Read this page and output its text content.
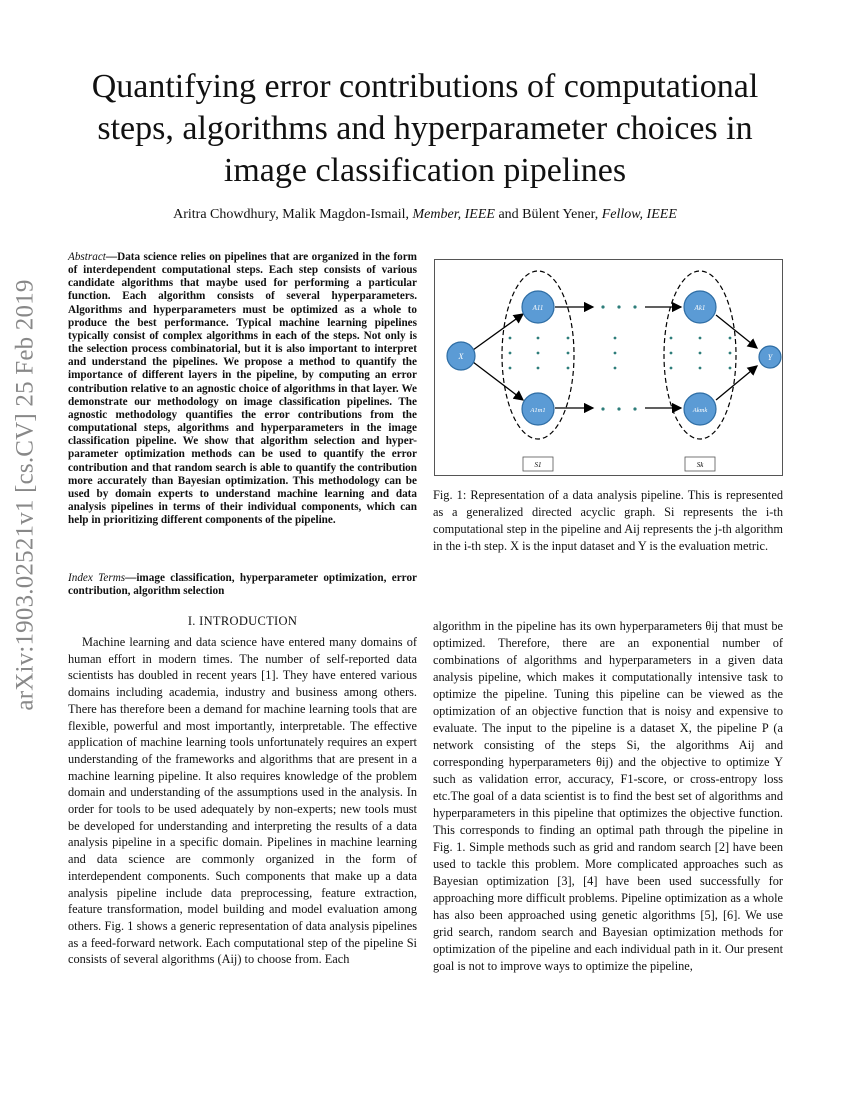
arXiv:1903.02521v1 [cs.CV] 25 Feb 2019
Quantifying error contributions of computational steps, algorithms and hyperparameter choices in image classification pipelines

Aritra Chowdhury, Malik Magdon-Ismail, Member, IEEE and Bülent Yener, Fellow, IEEE

Abstract—Data science relies on pipelines that are organized in the form of interdependent computational steps. Each step consists of various candidate algorithms that maybe used for performing a particular function. Each algorithm consists of several hyperparameters. Algorithms and hyperparameters must be optimized as a whole to produce the best performance. Typical machine learning pipelines typically consist of complex algorithms in each of the steps. Not only is the selection process combinatorial, but it is also important to interpret and understand the pipelines. We propose a method to quantify the importance of different layers in the pipeline, by computing an error contribution relative to an agnostic choice of algorithms in that layer. We demonstrate our methodology on image classification pipelines. The agnostic methodology quantifies the error contributions from the computational steps, algorithms and hyperparameters in the image classification pipeline. We show that algorithm selection and hyper-parameter optimization methods can be used to quantify the error contribution and that random search is able to quantify the contribution more accurately than Bayesian optimization. This methodology can be used by domain experts to understand machine learning and data analysis pipelines in terms of their individual components, which can help in prioritizing different components of the pipeline.

Index Terms—image classification, hyperparameter optimization, error contribution, algorithm selection

I. INTRODUCTION

Machine learning and data science have entered many domains of human effort in modern times. The number of self-reported data scientists has doubled in recent years [1]. They have entered various domains including academia, industry and business among others. There has therefore been a demand for machine learning tools that are flexible, powerful and most importantly, interpretable. The effective application of machine learning tools unfortunately requires an expert understanding of the frameworks and algorithms that are present in a machine learning pipeline. It also requires knowledge of the problem domain and understanding of the assumptions used in the analysis. In order for tools to be used adequately by non-experts; new tools must be developed for understanding and interpreting the results of a data analysis pipeline in a specific domain. Pipelines in machine learning and data science are commonly organized in the form of interdependent components. Such components that make up a data analysis pipeline include data preprocessing, feature extraction, feature transformation, model building and model evaluation among others. Fig. 1 shows a generic representation of data analysis pipelines as a feed-forward network. Each computational step of the pipeline Si consists of several algorithms (Aij) to choose from. Each

X
A11
A1m1
Ak1
Akmk
Y
S1	Sk

Fig. 1: Representation of a data analysis pipeline. This is represented as a generalized directed acyclic graph. Si represents the i-th computational step in the pipeline and Aij represents the j-th algorithm in the i-th step. X is the input dataset and Y is the evaluation metric.

algorithm in the pipeline has its own hyperparameters θij that must be optimized. Therefore, there are an exponential number of combinations of algorithms and hyperparameters in a given data analysis pipeline, which makes it computationally intensive task to optimize the pipeline. Tuning this pipeline can be viewed as the optimization of an objective function that is noisy and expensive to evaluate. The input to the pipeline is a dataset X, the pipeline P (a network consisting of the steps Si, the algorithms Aij and corresponding hyperparameters θij) and the objective to optimize Y such as validation error, accuracy, F1-score, or cross-entropy loss etc.The goal of a data scientist is to find the best set of algorithms and hyperparameters in this pipeline that optimizes the objective function. This corresponds to finding an optimal path through the pipeline in Fig. 1. Simple methods such as grid and random search [2] have been used to tackle this problem. More complicated approaches such as Bayesian optimization [3], [4] have been used successfully for approaching more difficult problems. Pipeline optimization as a whole has also been approached using genetic algorithms [5], [6]. We use grid search, random search and Bayesian optimization methods for optimization of the pipeline and each individual path in it. Our present goal is not to improve ways to optimize the pipeline,
